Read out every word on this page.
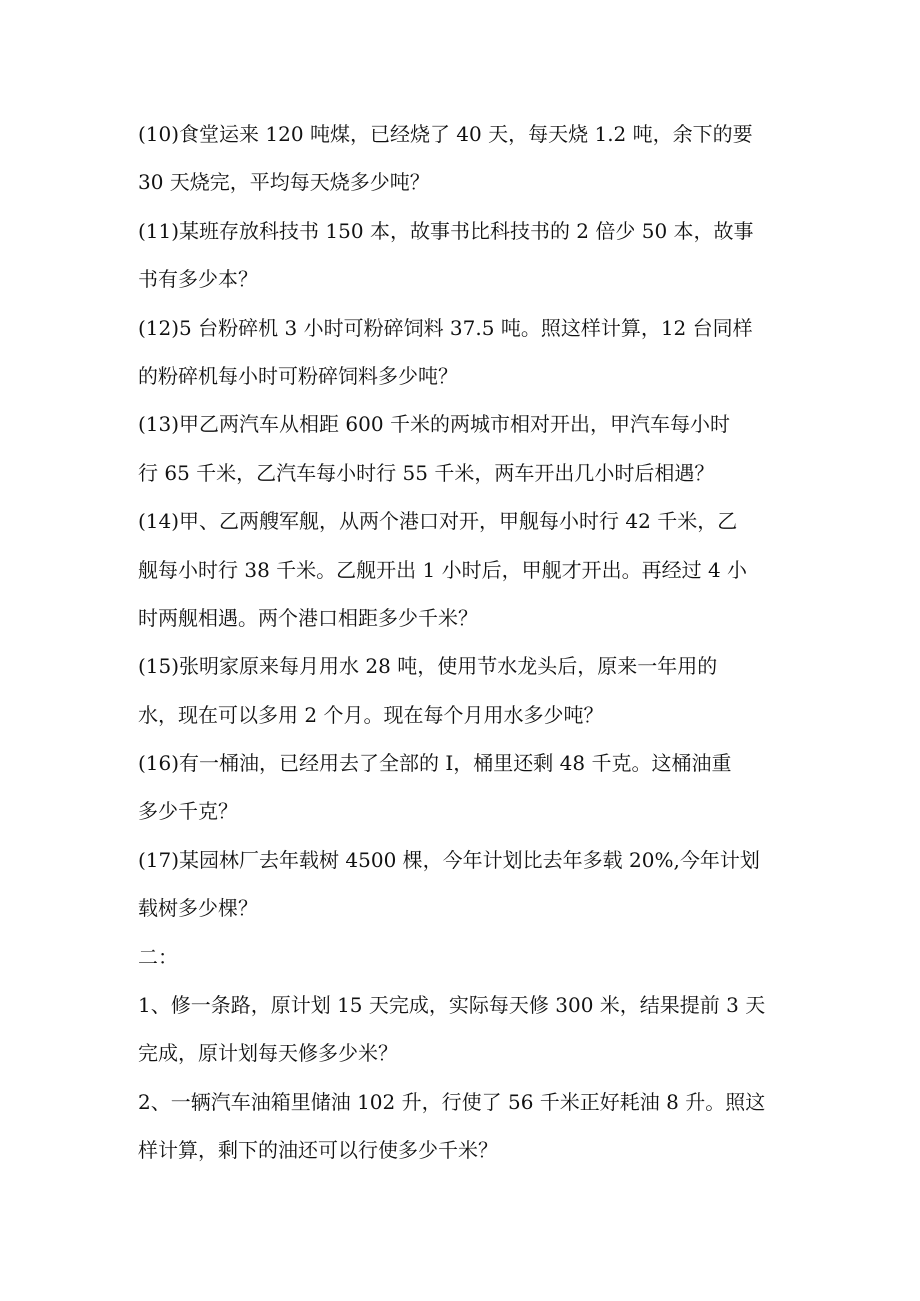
(10)食堂运来 120 吨煤，已经烧了 40 天，每天烧 1.2 吨，余下的要
30 天烧完，平均每天烧多少吨？
(11)某班存放科技书 150 本，故事书比科技书的 2 倍少 50 本，故事
书有多少本？
(12)5 台粉碎机 3 小时可粉碎饲料 37.5 吨。照这样计算，12 台同样
的粉碎机每小时可粉碎饲料多少吨？
(13)甲乙两汽车从相距 600 千米的两城市相对开出，甲汽车每小时
行 65 千米，乙汽车每小时行 55 千米，两车开出几小时后相遇？
(14)甲、乙两艘军舰，从两个港口对开，甲舰每小时行 42 千米，乙
舰每小时行 38 千米。乙舰开出 1 小时后，甲舰才开出。再经过 4 小
时两舰相遇。两个港口相距多少千米？
(15)张明家原来每月用水 28 吨，使用节水龙头后，原来一年用的
水，现在可以多用 2 个月。现在每个月用水多少吨？
(16)有一桶油，已经用去了全部的 I，桶里还剩 48 千克。这桶油重
多少千克？
(17)某园林厂去年载树 4500 棵，今年计划比去年多载 20%,今年计划
载树多少棵？
二：
1、修一条路，原计划 15 天完成，实际每天修 300 米，结果提前 3 天
完成，原计划每天修多少米？
2、一辆汽车油箱里储油 102 升，行使了 56 千米正好耗油 8 升。照这
样计算，剩下的油还可以行使多少千米？
